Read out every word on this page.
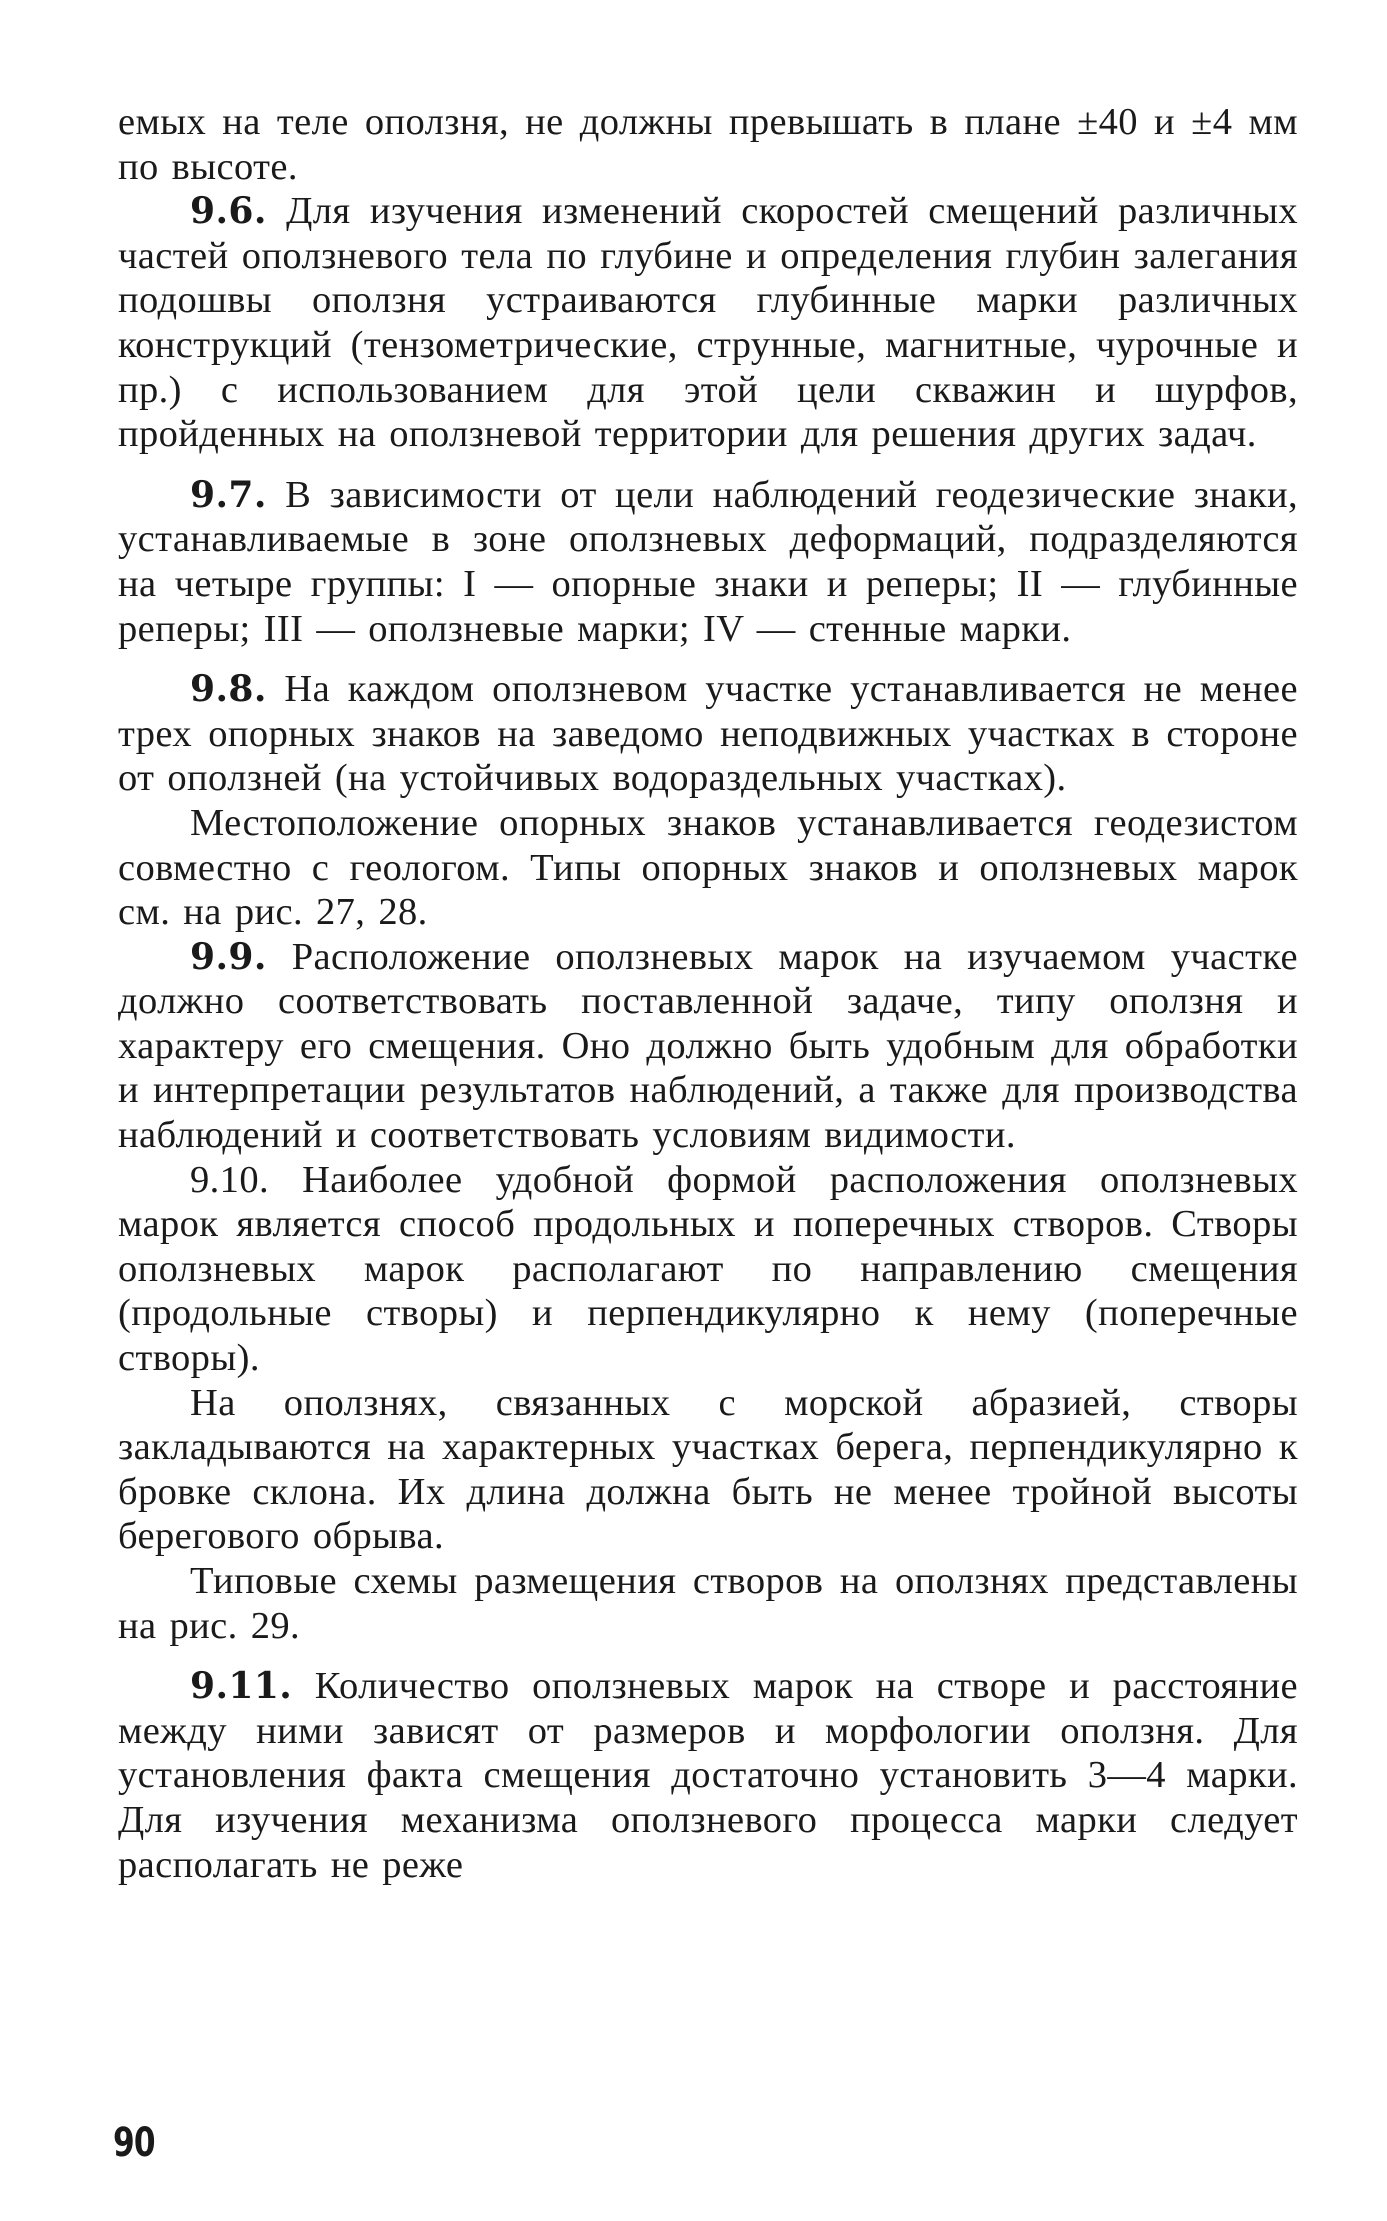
емых на теле оползня, не должны превышать в плане ±40 и ±4 мм по высоте.

9.6. Для изучения изменений скоростей смещений различных частей оползневого тела по глубине и определения глубин залегания подошвы оползня устраиваются глубинные марки различных конструкций (тензометрические, струнные, магнитные, чурочные и пр.) с использованием для этой цели скважин и шурфов, пройденных на оползневой территории для решения других задач.

9.7. В зависимости от цели наблюдений геодезические знаки, устанавливаемые в зоне оползневых деформаций, подразделяются на четыре группы: I — опорные знаки и реперы; II — глубинные реперы; III — оползневые марки; IV — стенные марки.

9.8. На каждом оползневом участке устанавливается не менее трех опорных знаков на заведомо неподвижных участках в стороне от оползней (на устойчивых водораздельных участках).

Местоположение опорных знаков устанавливается геодезистом совместно с геологом. Типы опорных знаков и оползневых марок см. на рис. 27, 28.

9.9. Расположение оползневых марок на изучаемом участке должно соответствовать поставленной задаче, типу оползня и характеру его смещения. Оно должно быть удобным для обработки и интерпретации результатов наблюдений, а также для производства наблюдений и соответствовать условиям видимости.

9.10. Наиболее удобной формой расположения оползневых марок является способ продольных и поперечных створов. Створы оползневых марок располагают по направлению смещения (продольные створы) и перпендикулярно к нему (поперечные створы).

На оползнях, связанных с морской абразией, створы закладываются на характерных участках берега, перпендикулярно к бровке склона. Их длина должна быть не менее тройной высоты берегового обрыва.

Типовые схемы размещения створов на оползнях представлены на рис. 29.

9.11. Количество оползневых марок на створе и расстояние между ними зависят от размеров и морфологии оползня. Для установления факта смещения достаточно установить 3—4 марки. Для изучения механизма оползневого процесса марки следует располагать не реже

90
